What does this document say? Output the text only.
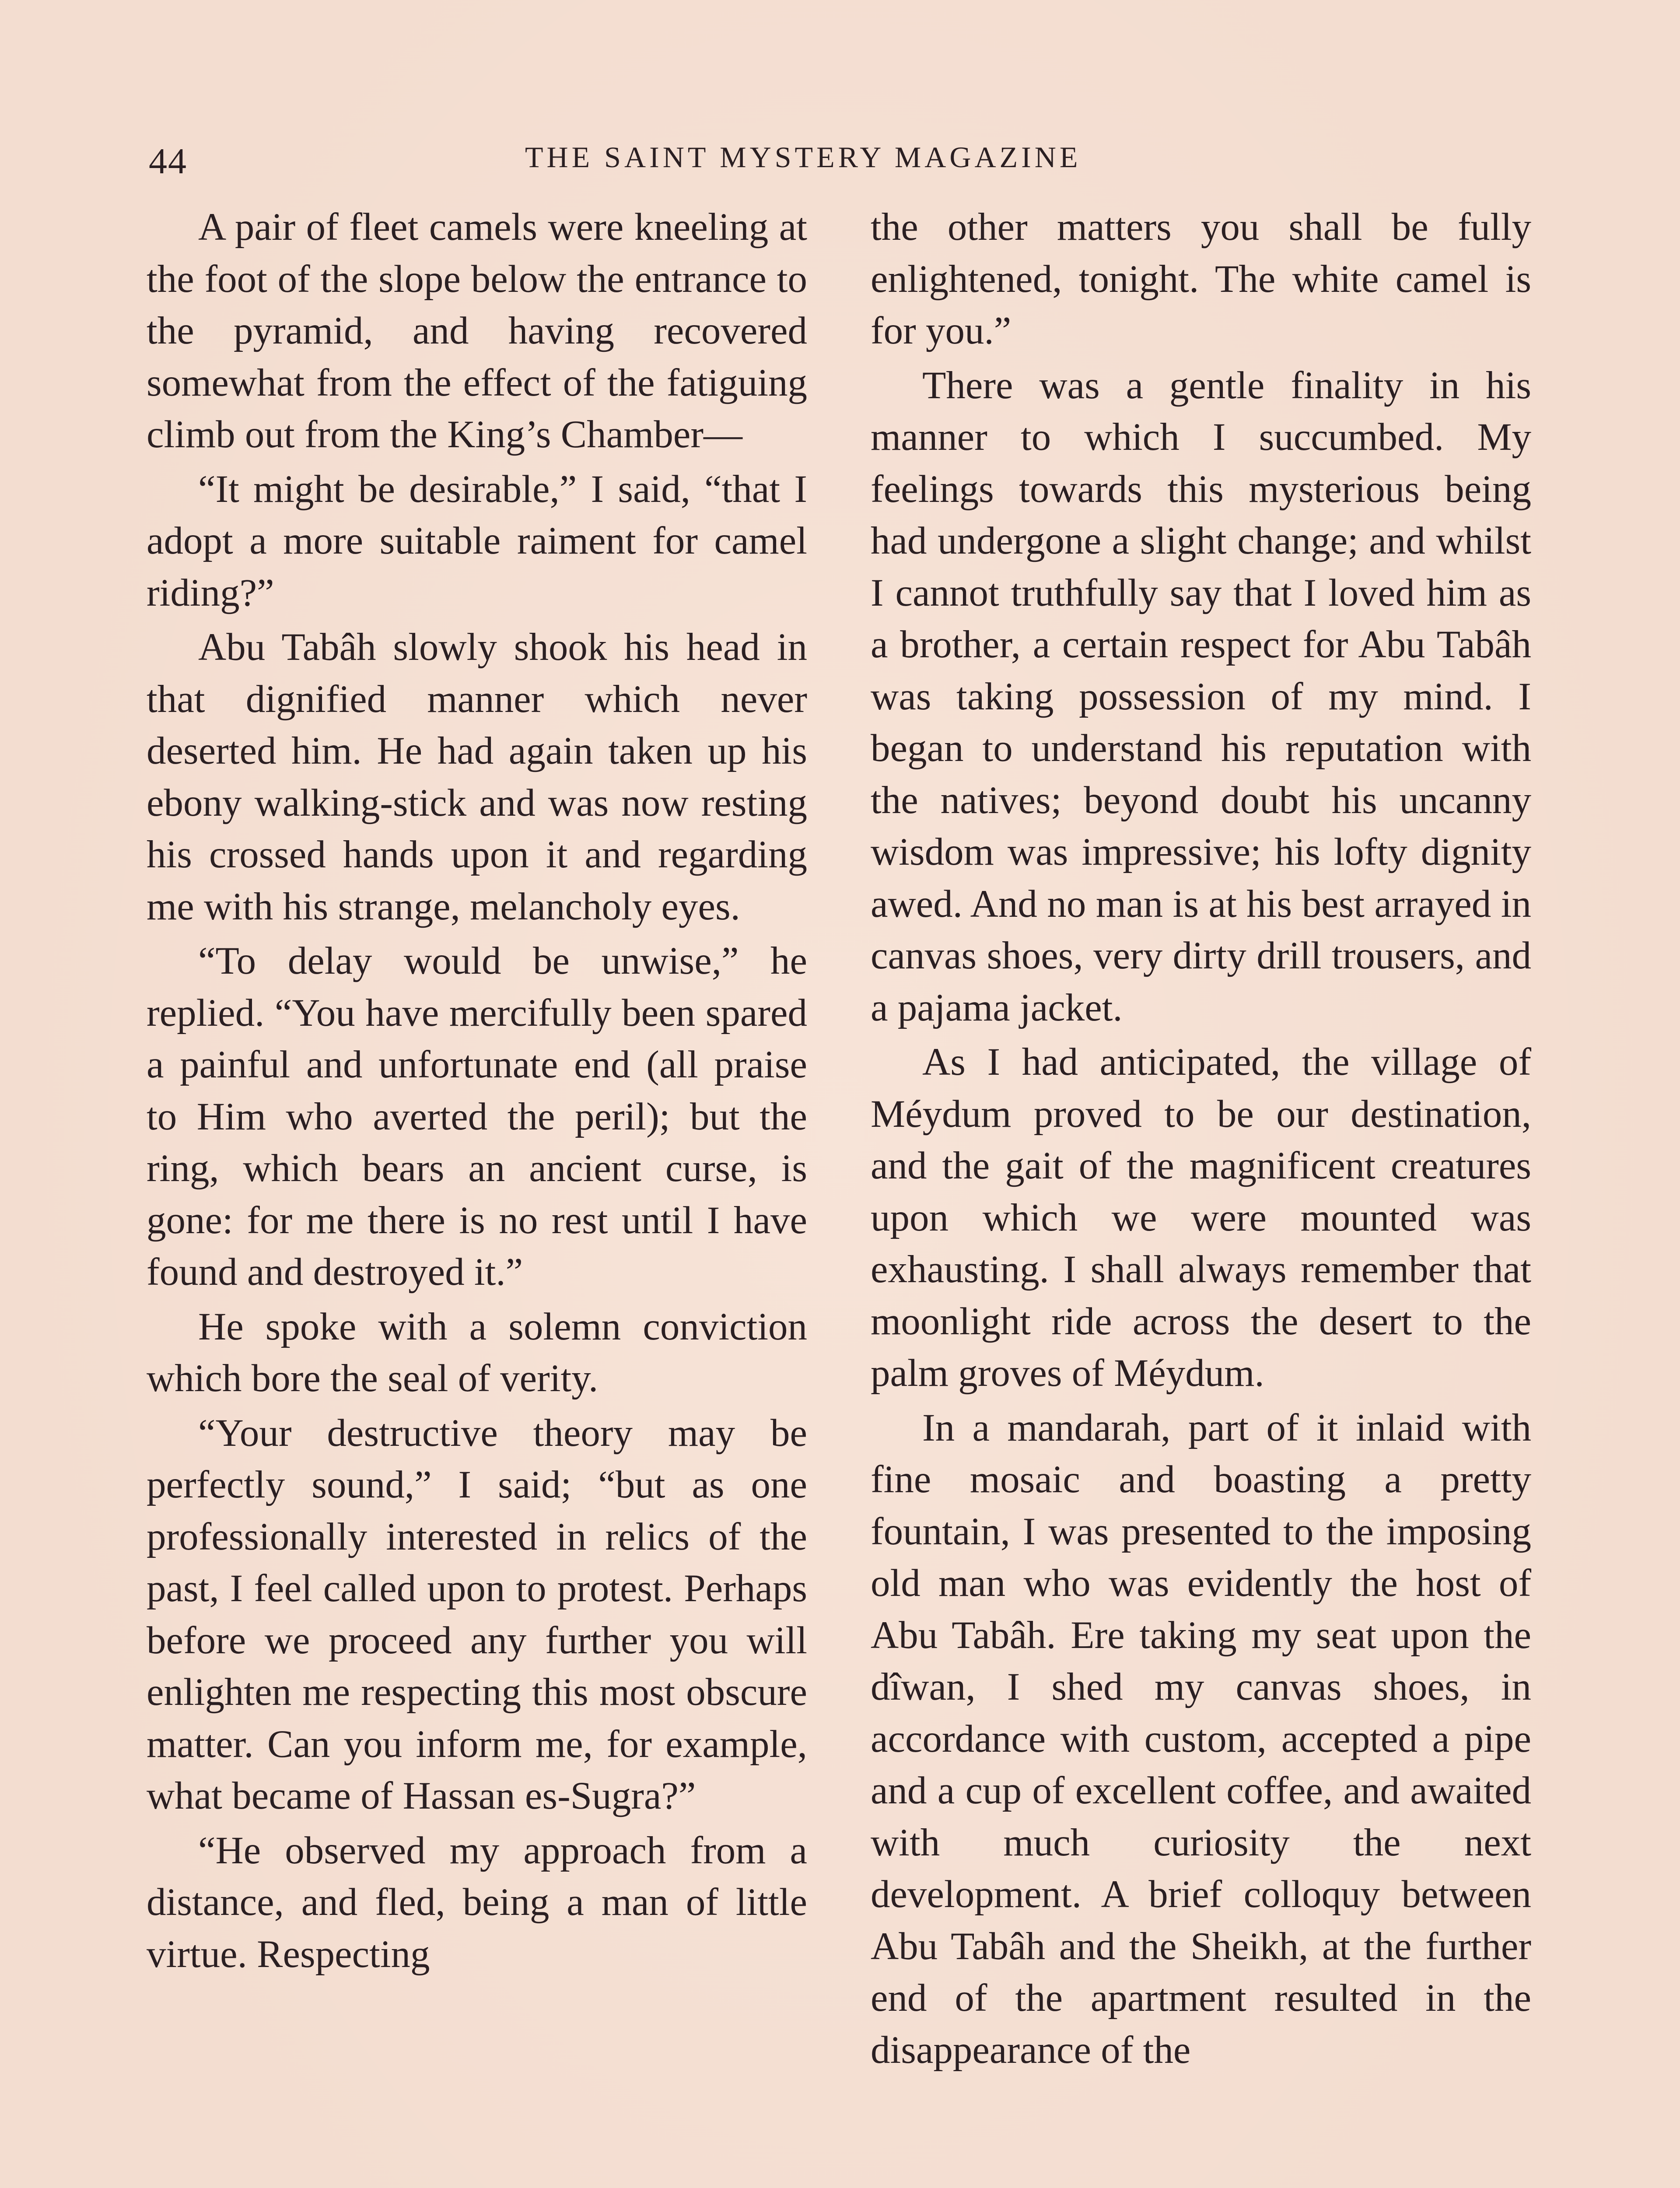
44	THE SAINT MYSTERY MAGAZINE

A pair of fleet camels were kneeling at the foot of the slope below the entrance to the pyramid, and having recovered somewhat from the effect of the fatiguing climb out from the King’s Chamber—

“It might be desirable,” I said, “that I adopt a more suitable raiment for camel riding?”

Abu Tabâh slowly shook his head in that dignified manner which never deserted him. He had again taken up his ebony walking-stick and was now resting his crossed hands upon it and regarding me with his strange, melancholy eyes.

“To delay would be unwise,” he replied. “You have mercifully been spared a painful and unfortunate end (all praise to Him who averted the peril); but the ring, which bears an ancient curse, is gone: for me there is no rest until I have found and destroyed it.”

He spoke with a solemn conviction which bore the seal of verity.

“Your destructive theory may be perfectly sound,” I said; “but as one professionally interested in relics of the past, I feel called upon to protest. Perhaps before we proceed any further you will enlighten me respecting this most obscure matter. Can you inform me, for example, what became of Hassan es-Sugra?”

“He observed my approach from a distance, and fled, being a man of little virtue. Respecting

the other matters you shall be fully enlightened, tonight. The white camel is for you.”

There was a gentle finality in his manner to which I succumbed. My feelings towards this mysterious being had undergone a slight change; and whilst I cannot truthfully say that I loved him as a brother, a certain respect for Abu Tabâh was taking possession of my mind. I began to understand his reputation with the natives; beyond doubt his uncanny wisdom was impressive; his lofty dignity awed. And no man is at his best arrayed in canvas shoes, very dirty drill trousers, and a pajama jacket.

As I had anticipated, the village of Méydum proved to be our destination, and the gait of the magnificent creatures upon which we were mounted was exhausting. I shall always remember that moonlight ride across the desert to the palm groves of Méydum.

In a mandarah, part of it inlaid with fine mosaic and boasting a pretty fountain, I was presented to the imposing old man who was evidently the host of Abu Tabâh. Ere taking my seat upon the dîwan, I shed my canvas shoes, in accordance with custom, accepted a pipe and a cup of excellent coffee, and awaited with much curiosity the next development. A brief colloquy between Abu Tabâh and the Sheikh, at the further end of the apartment resulted in the disappearance of the
